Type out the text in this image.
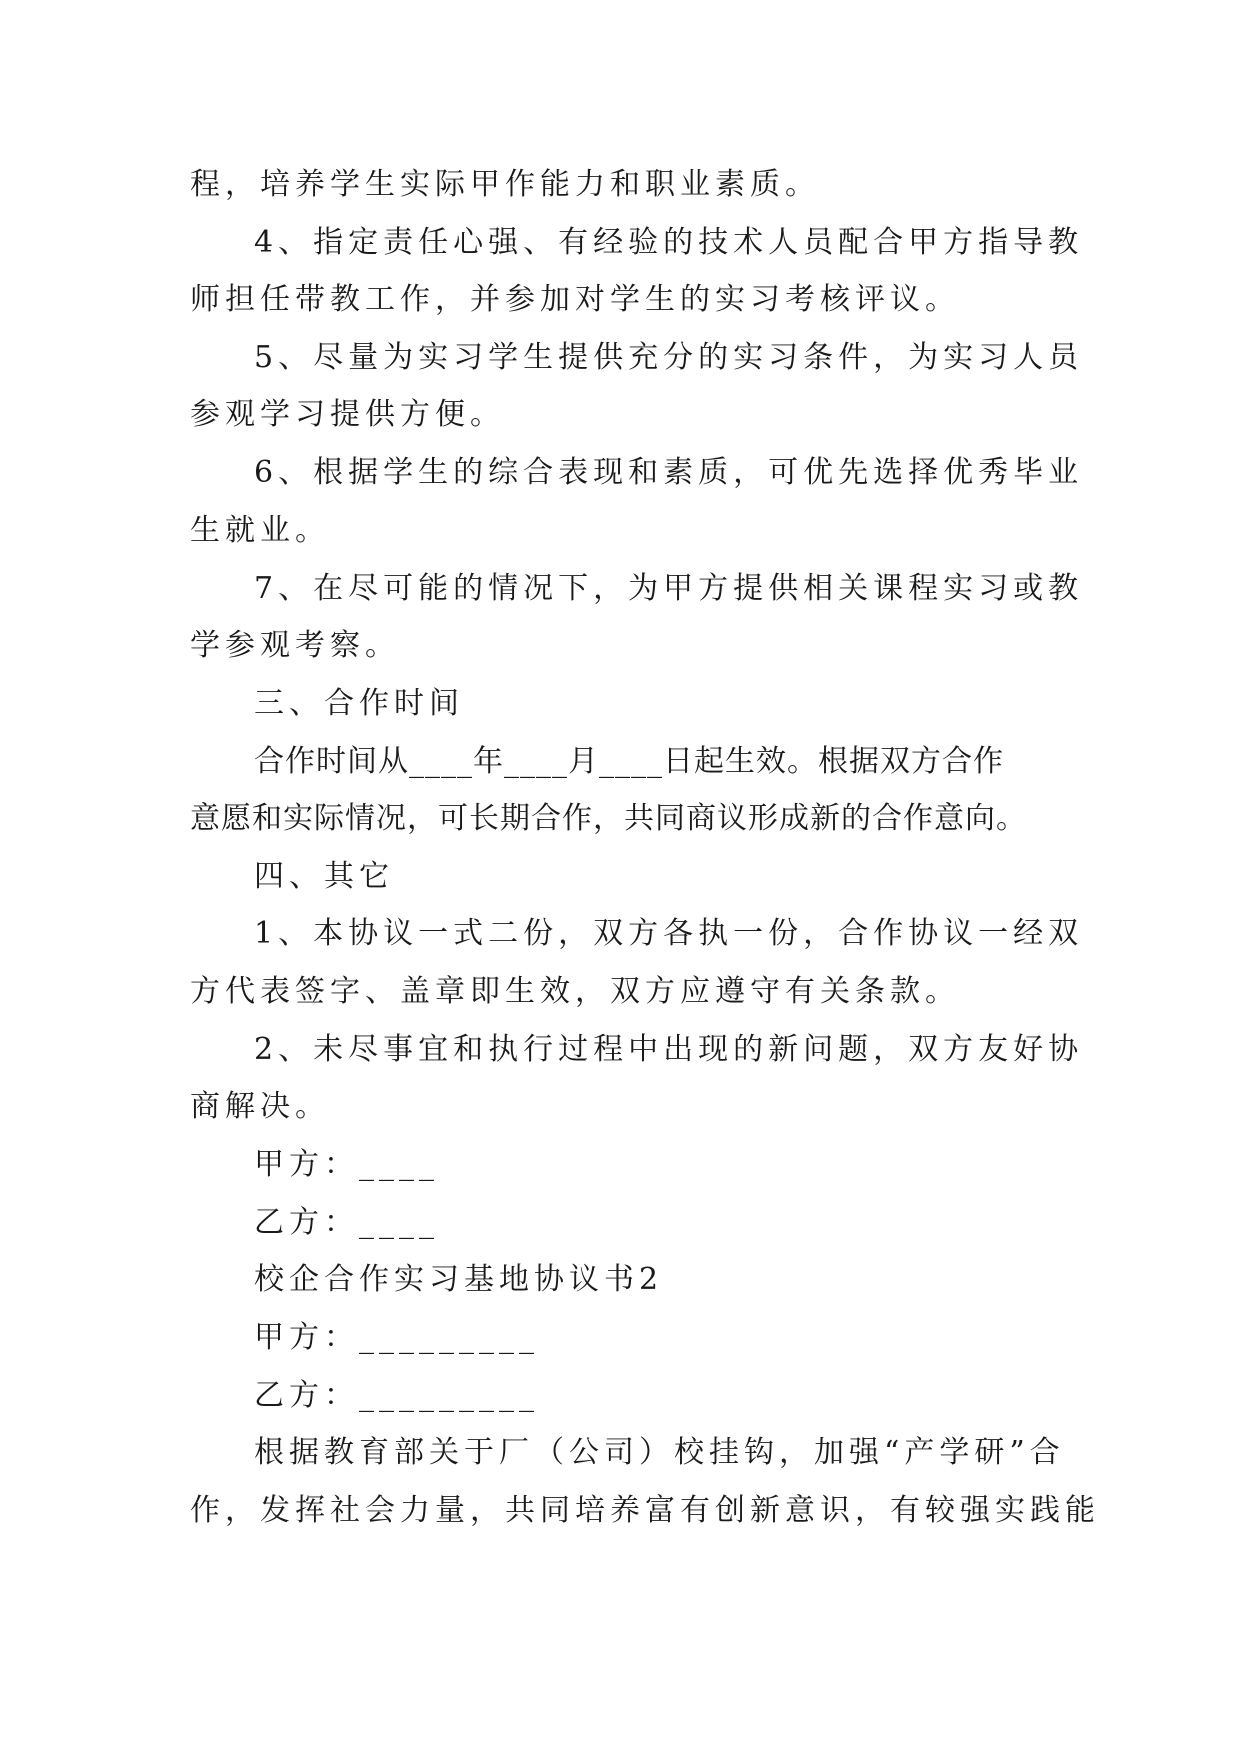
程，培养学生实际甲作能力和职业素质。
4、指定责任心强、有经验的技术人员配合甲方指导教
师担任带教工作，并参加对学生的实习考核评议。
5、尽量为实习学生提供充分的实习条件，为实习人员
参观学习提供方便。
6、根据学生的综合表现和素质，可优先选择优秀毕业
生就业。
7、在尽可能的情况下，为甲方提供相关课程实习或教
学参观考察。
三、合作时间
合作时间从____年____月____日起生效。根据双方合作
意愿和实际情况，可长期合作，共同商议形成新的合作意向。
四、其它
1、本协议一式二份，双方各执一份，合作协议一经双
方代表签字、盖章即生效，双方应遵守有关条款。
2、未尽事宜和执行过程中出现的新问题，双方友好协
商解决。
甲方：____
乙方：____
校企合作实习基地协议书2
甲方：_________
乙方：_________
根据教育部关于厂（公司）校挂钩，加强“产学研”合
作，发挥社会力量，共同培养富有创新意识，有较强实践能
